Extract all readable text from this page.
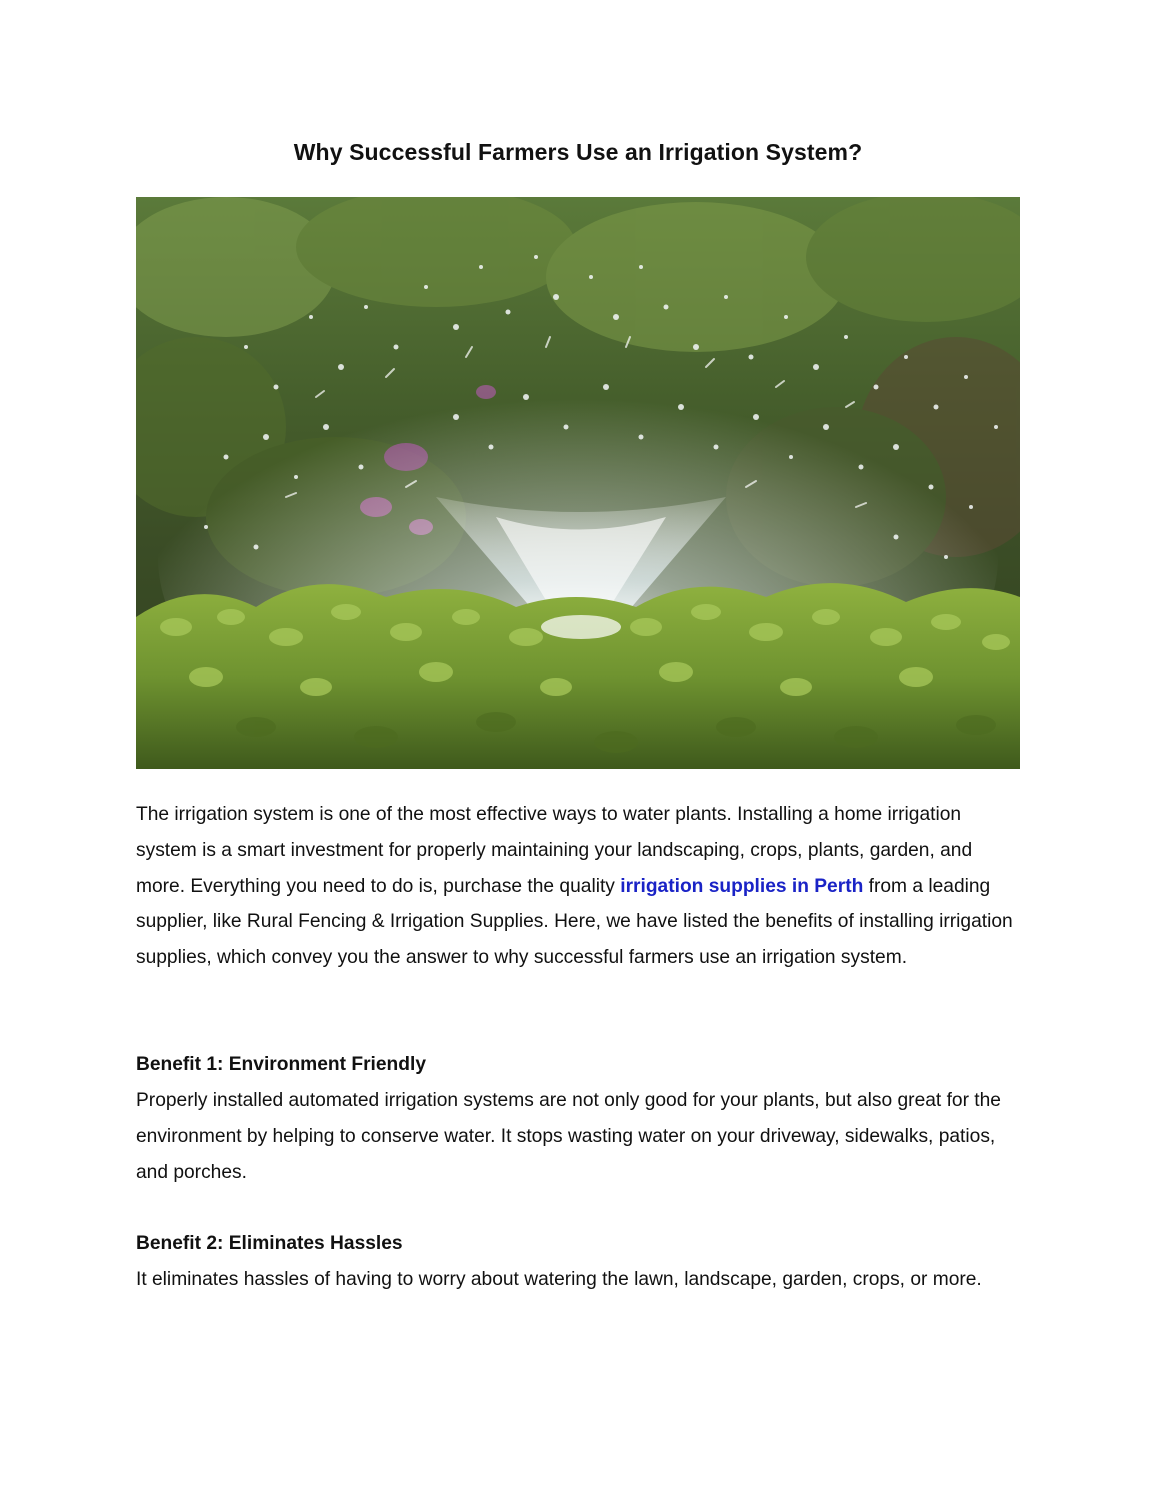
Why Successful Farmers Use an Irrigation System?
The irrigation system is one of the most effective ways to water plants. Installing a home irrigation system is a smart investment for properly maintaining your landscaping, crops, plants, garden, and more. Everything you need to do is, purchase the quality irrigation supplies in Perth from a leading supplier, like Rural Fencing & Irrigation Supplies. Here, we have listed the benefits of installing irrigation supplies, which convey you the answer to why successful farmers use an irrigation system.
Benefit 1: Environment Friendly
Properly installed automated irrigation systems are not only good for your plants, but also great for the environment by helping to conserve water. It stops wasting water on your driveway, sidewalks, patios, and porches.
Benefit 2: Eliminates Hassles
It eliminates hassles of having to worry about watering the lawn, landscape, garden, crops, or more.
